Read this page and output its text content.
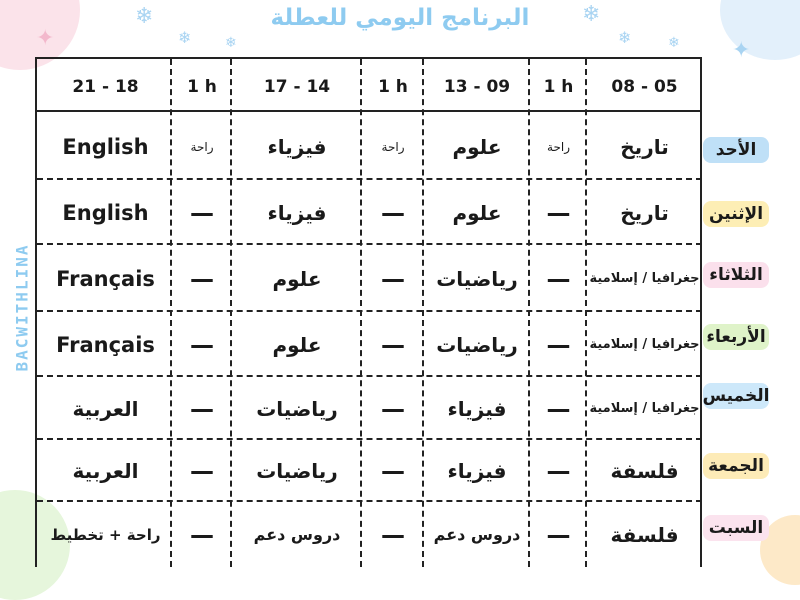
❄
❄ ❄
✦
❄
❄	❄ ✦
البرنامج اليومي للعطلة
BACWITHLINA
08 - 05
1 h
13 - 09
1 h
17 - 14
1 h
21 - 18
تاريخ
راحة
علوم
راحة
فيزياء
راحة
English
تاريخ
—
علوم
—
فيزياء
—
English
جغرافيا / إسلامية
—
رياضيات
—
علوم
—
Français
جغرافيا / إسلامية
—
رياضيات
—
علوم
—
Français
جغرافيا / إسلامية
—
فيزياء
—
رياضيات
—
العربية
فلسفة
—
فيزياء
—
رياضيات
—
العربية
فلسفة
—
دروس دعم
—
دروس دعم
—
راحة + تخطيط
الأحد
الإثنين
الثلاثاء
الأربعاء
الخميس
الجمعة
السبت
